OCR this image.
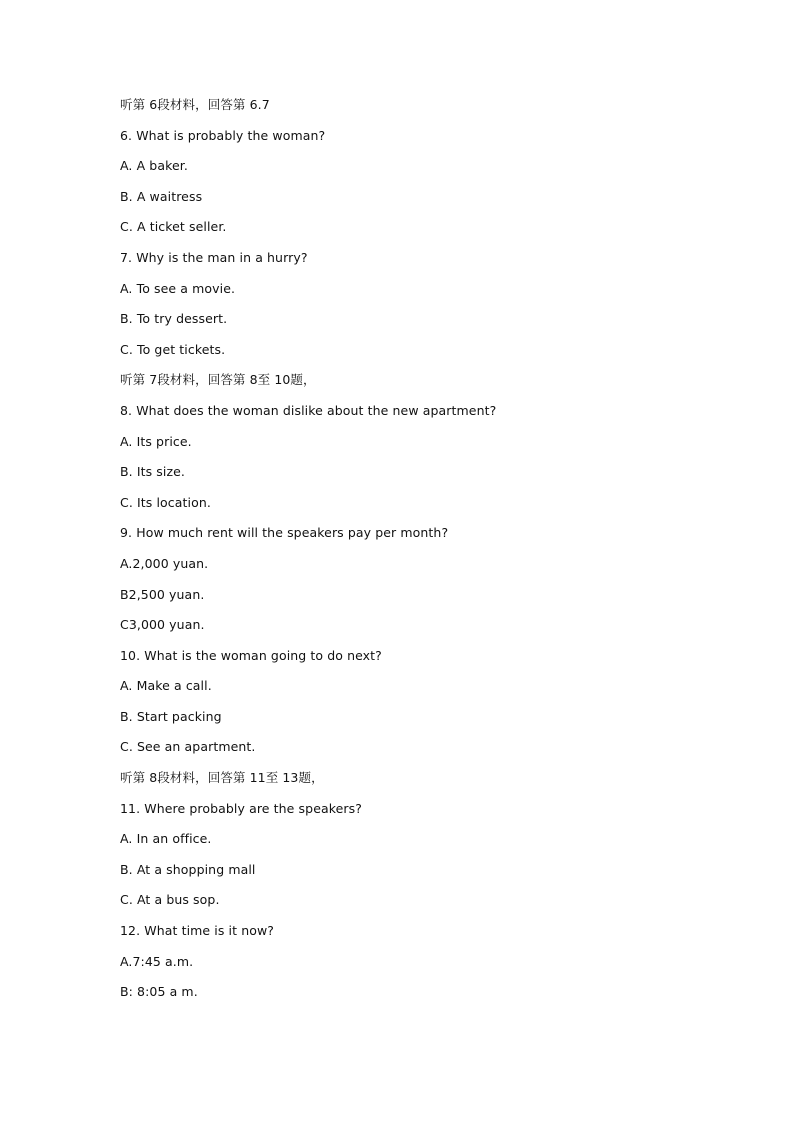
听第 6段材料，回答第 6.7
6. What is probably the woman?
A. A baker.
B. A waitress
C. A ticket seller.
7. Why is the man in a hurry?
A. To see a movie.
B. To try dessert.
C. To get tickets.
听第 7段材料，回答第 8至 10题，
8. What does the woman dislike about the new apartment?
A. Its price.
B. Its size.
C. Its location.
9. How much rent will the speakers pay per month?
A.2,000 yuan.
B2,500 yuan.
C3,000 yuan.
10. What is the woman going to do next?
A. Make a call.
B. Start packing
C. See an apartment.
听第 8段材料，回答第 11至 13题，
11. Where probably are the speakers?
A. In an office.
B. At a shopping mall
C. At a bus sop.
12. What time is it now?
A.7:45 a.m.
B: 8:05 a m.
